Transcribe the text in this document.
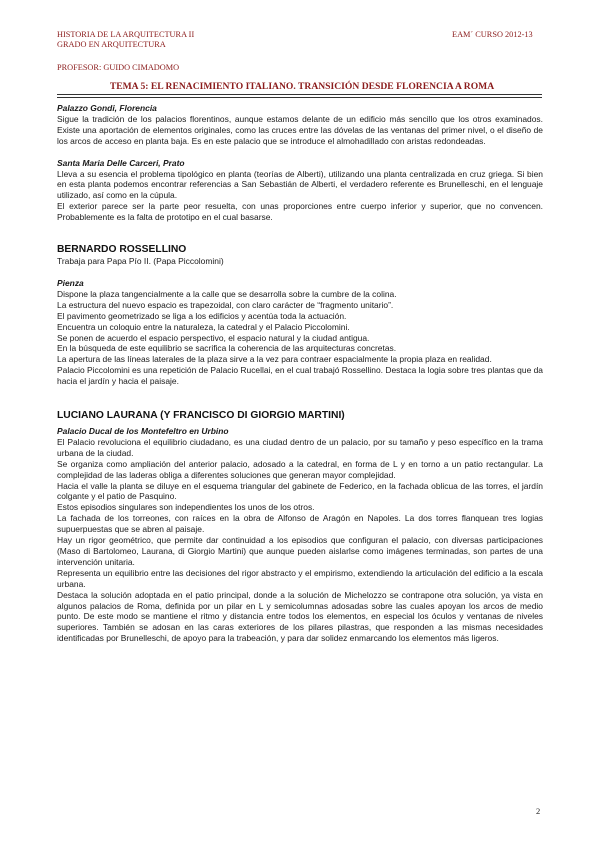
HISTORIA DE LA ARQUITECTURA II
GRADO EN ARQUITECTURA
EAM´ CURSO 2012-13
PROFESOR: GUIDO CIMADOMO
TEMA 5: EL RENACIMIENTO ITALIANO. TRANSICIÓN DESDE FLORENCIA A ROMA

Palazzo Gondi, Florencia

Sigue la tradición de los palacios florentinos, aunque estamos delante de un edificio más sencillo que los otros examinados. Existe una aportación de elementos originales, como las cruces entre las dóvelas de las ventanas del primer nivel, o el diseño de los arcos de acceso en planta baja. Es en este palacio que se introduce el almohadillado con aristas redondeadas.

Santa Maria Delle Carceri, Prato

Lleva a su esencia el problema tipológico en planta (teorías de Alberti), utilizando una planta centralizada en cruz griega. Si bien en esta planta podemos encontrar referencias a San Sebastián de Alberti, el verdadero referente es Brunelleschi, en el lenguaje utilizado, así como en la cúpula.

El exterior parece ser la parte peor resuelta, con unas proporciones entre cuerpo inferior y superior, que no convencen. Probablemente es la falta de prototipo en el cual basarse.

BERNARDO ROSSELLINO

Trabaja para Papa Pío II. (Papa Piccolomini)

Pienza

Dispone la plaza tangencialmente a la calle que se desarrolla sobre la cumbre de la colina.

La estructura del nuevo espacio es trapezoidal, con claro carácter de “fragmento unitario”.

El pavimento geometrizado se liga a los edificios y acentúa toda la actuación.

Encuentra un coloquio entre la naturaleza, la catedral y el Palacio Piccolomini.

Se ponen de acuerdo el espacio perspectivo, el espacio natural y la ciudad antigua.

En la búsqueda de este equilibrio se sacrifica la coherencia de las arquitecturas concretas.

La apertura de las líneas laterales de la plaza sirve a la vez para contraer espacialmente la propia plaza en realidad.

Palacio Piccolomini es una repetición de Palacio Rucellai, en el cual trabajó Rossellino. Destaca la logia sobre tres plantas que da hacia el jardín y hacia el paisaje.

LUCIANO LAURANA (Y FRANCISCO DI GIORGIO MARTINI)

Palacio Ducal de los Montefeltro en Urbino

El Palacio revoluciona el equilibrio ciudadano, es una ciudad dentro de un palacio, por su tamaño y peso específico en la trama urbana de la ciudad.

Se organiza como ampliación del anterior palacio, adosado a la catedral, en forma de L y en torno a un patio rectangular. La complejidad de las laderas obliga a diferentes soluciones que generan mayor complejidad.

Hacia el valle la planta se diluye en el esquema triangular del gabinete de Federico, en la fachada oblicua de las torres, el jardín colgante y el patio de Pasquino.

Estos episodios singulares son independientes los unos de los otros.

La fachada de los torreones, con raíces en la obra de Alfonso de Aragón en Napoles. La dos torres flanquean tres logias supuerpuestas que se abren al paisaje.

Hay un rigor geométrico, que permite dar continuidad a los episodios que configuran el palacio, con diversas participaciones (Maso di Bartolomeo, Laurana, di Giorgio Martini) que aunque pueden aislarlse como imágenes terminadas, son partes de una intervención unitaria.

Representa un equilibrio entre las decisiones del rigor abstracto y el empirismo, extendiendo la articulación del edificio a la escala urbana.

Destaca la solución adoptada en el patio principal, donde a la solución de Michelozzo se contrapone otra solución, ya vista en algunos palacios de Roma, definida por un pilar en L y semicolumnas adosadas sobre las cuales apoyan los arcos de medio punto. De este modo se mantiene el ritmo y distancia entre todos los elementos, en especial los óculos y ventanas de niveles superiores. También se adosan en las caras exteriores de los pilares pilastras, que responden a las mismas necesidades identificadas por Brunelleschi, de apoyo para la trabeación, y para dar solidez enmarcando los elementos más ligeros.

2
